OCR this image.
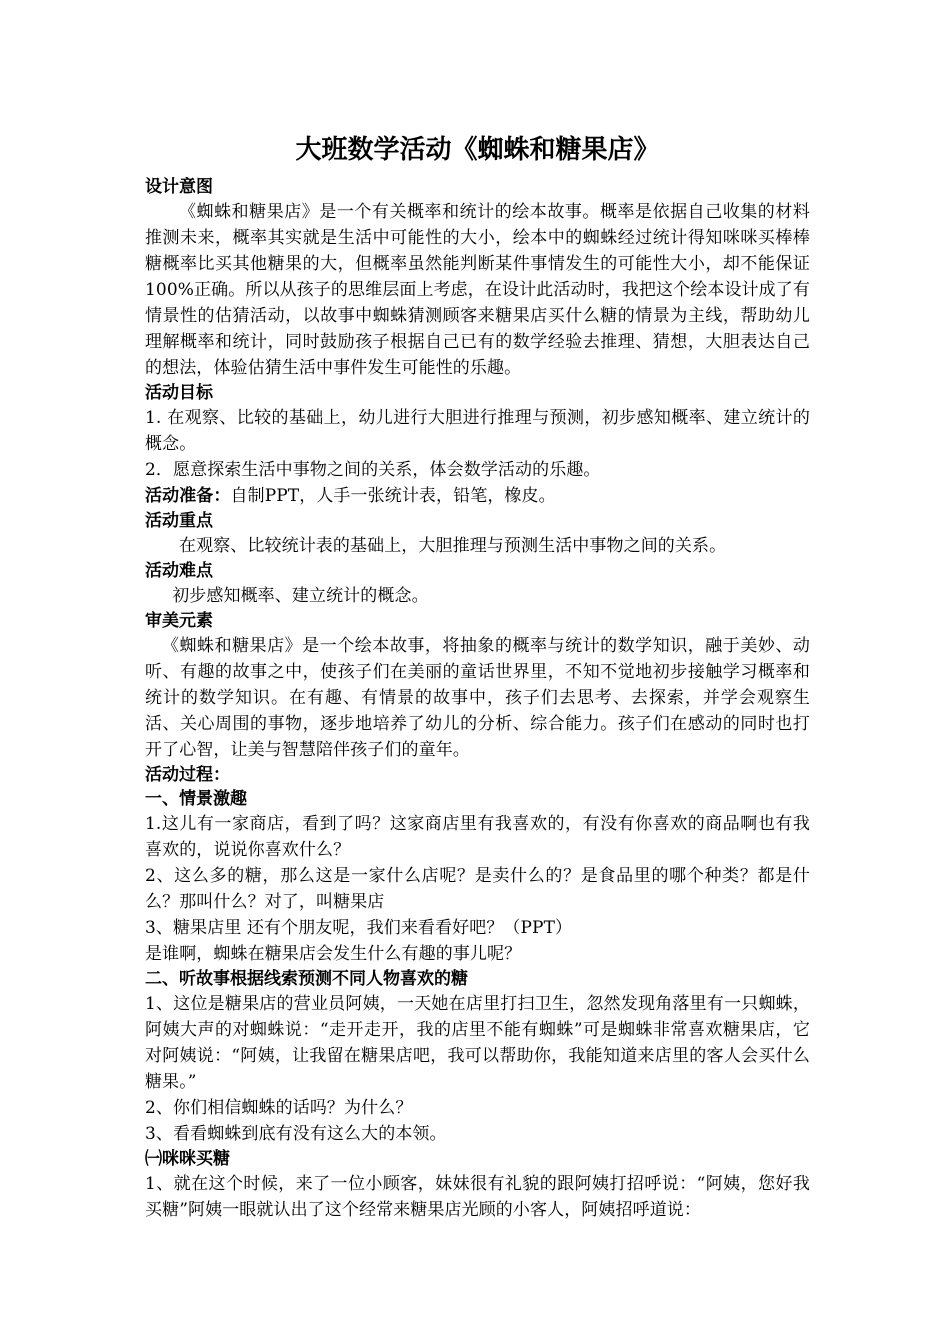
大班数学活动《蜘蛛和糖果店》
设计意图
《蜘蛛和糖果店》是一个有关概率和统计的绘本故事。概率是依据自己收集的材料推测未来，概率其实就是生活中可能性的大小，绘本中的蜘蛛经过统计得知咪咪买棒棒糖概率比买其他糖果的大，但概率虽然能判断某件事情发生的可能性大小，却不能保证100%正确。所以从孩子的思维层面上考虑，在设计此活动时，我把这个绘本设计成了有情景性的估猜活动，以故事中蜘蛛猜测顾客来糖果店买什么糖的情景为主线，帮助幼儿理解概率和统计，同时鼓励孩子根据自己已有的数学经验去推理、猜想，大胆表达自己的想法，体验估猜生活中事件发生可能性的乐趣。
活动目标
1. 在观察、比较的基础上，幼儿进行大胆进行推理与预测，初步感知概率、建立统计的概念。
2．愿意探索生活中事物之间的关系，体会数学活动的乐趣。
活动准备：自制PPT，人手一张统计表，铅笔，橡皮。
活动重点
在观察、比较统计表的基础上，大胆推理与预测生活中事物之间的关系。
活动难点
初步感知概率、建立统计的概念。
审美元素
《蜘蛛和糖果店》是一个绘本故事，将抽象的概率与统计的数学知识，融于美妙、动听、有趣的故事之中，使孩子们在美丽的童话世界里，不知不觉地初步接触学习概率和统计的数学知识。在有趣、有情景的故事中，孩子们去思考、去探索，并学会观察生活、关心周围的事物，逐步地培养了幼儿的分析、综合能力。孩子们在感动的同时也打开了心智，让美与智慧陪伴孩子们的童年。
活动过程：
一、情景激趣
1.这儿有一家商店，看到了吗？这家商店里有我喜欢的，有没有你喜欢的商品啊也有我喜欢的，说说你喜欢什么？
2、这么多的糖，那么这是一家什么店呢？是卖什么的？是食品里的哪个种类？都是什么？那叫什么？对了，叫糖果店
3、糖果店里 还有个朋友呢，我们来看看好吧？（PPT）
是谁啊，蜘蛛在糖果店会发生什么有趣的事儿呢？
二、听故事根据线索预测不同人物喜欢的糖
1、这位是糖果店的营业员阿姨，一天她在店里打扫卫生，忽然发现角落里有一只蜘蛛，阿姨大声的对蜘蛛说：“走开走开，我的店里不能有蜘蛛”可是蜘蛛非常喜欢糖果店，它对阿姨说：“阿姨，让我留在糖果店吧，我可以帮助你，我能知道来店里的客人会买什么糖果。”
2、你们相信蜘蛛的话吗？为什么？
3、看看蜘蛛到底有没有这么大的本领。
㈠咪咪买糖
1、就在这个时候，来了一位小顾客，妹妹很有礼貌的跟阿姨打招呼说：“阿姨，您好我买糖”阿姨一眼就认出了这个经常来糖果店光顾的小客人，阿姨招呼道说：
